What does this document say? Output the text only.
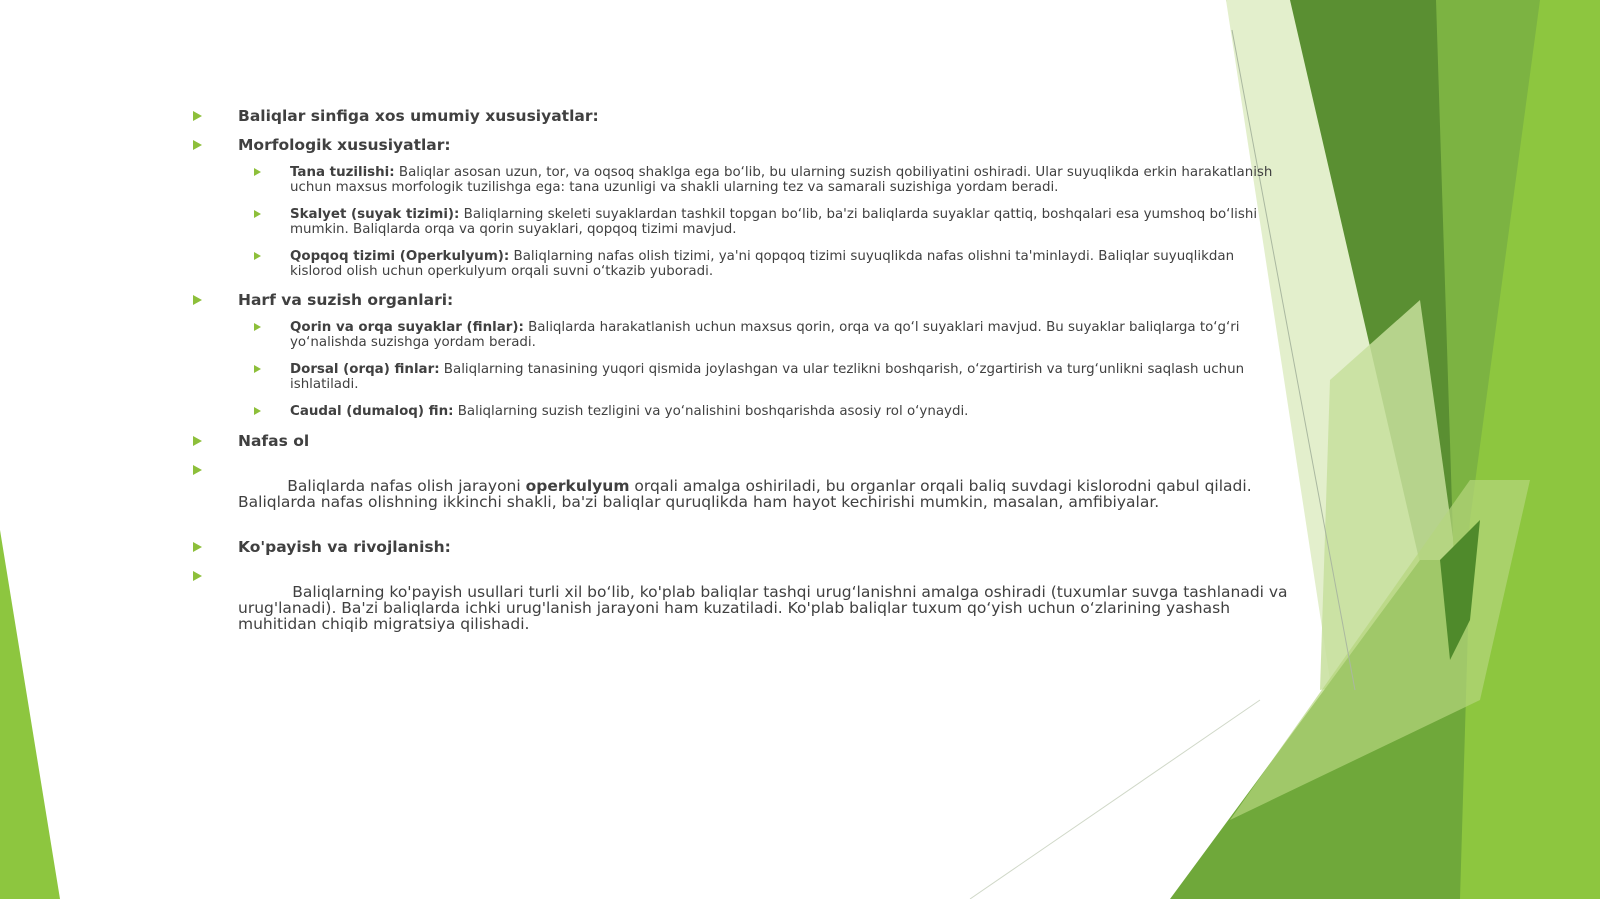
Baliqlar sinfiga xos umumiy xususiyatlar:

Morfologik xususiyatlar:

Tana tuzilishi: Baliqlar asosan uzun, tor, va oqsoq shaklga ega bo‘lib, bu ularning suzish qobiliyatini oshiradi. Ular suyuqlikda erkin harakatlanish uchun maxsus morfologik tuzilishga ega: tana uzunligi va shakli ularning tez va samarali suzishiga yordam beradi.

Skalyet (suyak tizimi): Baliqlarning skeleti suyaklardan tashkil topgan bo‘lib, ba'zi baliqlarda suyaklar qattiq, boshqalari esa yumshoq bo‘lishi mumkin. Baliqlarda orqa va qorin suyaklari, qopqoq tizimi mavjud.

Qopqoq tizimi (Operkulyum): Baliqlarning nafas olish tizimi, ya'ni qopqoq tizimi suyuqlikda nafas olishni ta'minlaydi. Baliqlar suyuqlikdan kislorod olish uchun operkulyum orqali suvni o‘tkazib yuboradi.

Harf va suzish organlari:

Qorin va orqa suyaklar (finlar): Baliqlarda harakatlanish uchun maxsus qorin, orqa va qo‘l suyaklari mavjud. Bu suyaklar baliqlarga to‘g‘ri yo‘nalishda suzishga yordam beradi.

Dorsal (orqa) finlar: Baliqlarning tanasining yuqori qismida joylashgan va ular tezlikni boshqarish, o‘zgartirish va turg‘unlikni saqlash uchun ishlatiladi.

Caudal (dumaloq) fin: Baliqlarning suzish tezligini va yo‘nalishini boshqarishda asosiy rol o‘ynaydi.

Nafas ol

Baliqlarda nafas olish jarayoni operkulyum orqali amalga oshiriladi, bu organlar orqali baliq suvdagi kislorodni qabul qiladi. Baliqlarda nafas olishning ikkinchi shakli, ba'zi baliqlar quruqlikda ham hayot kechirishi mumkin, masalan, amfibiyalar.

Ko'payish va rivojlanish:

Baliqlarning ko'payish usullari turli xil bo‘lib, ko'plab baliqlar tashqi urug‘lanishni amalga oshiradi (tuxumlar suvga tashlanadi va urug'lanadi). Ba'zi baliqlarda ichki urug'lanish jarayoni ham kuzatiladi. Ko'plab baliqlar tuxum qo‘yish uchun o‘zlarining yashash muhitidan chiqib migratsiya qilishadi.
